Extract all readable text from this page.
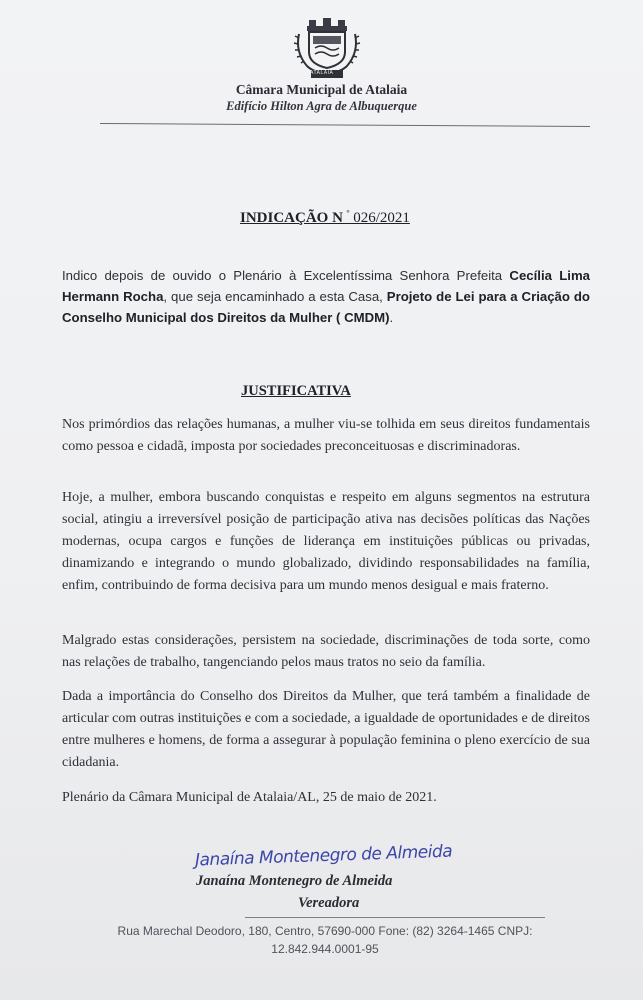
ATALAIA
Câmara Municipal de Atalaia
Edifício Hilton Agra de Albuquerque
INDICAÇÃO N $^º$ 026/2021
Indico depois de ouvido o Plenário à Excelentíssima Senhora Prefeita Cecília Lima Hermann Rocha, que seja encaminhado a esta Casa, Projeto de Lei para a Criação do Conselho Municipal dos Direitos da Mulher ( CMDM).
JUSTIFICATIVA
Nos primórdios das relações humanas, a mulher viu-se tolhida em seus direitos fundamentais como pessoa e cidadã, imposta por sociedades preconceituosas e discriminadoras.
Hoje, a mulher, embora buscando conquistas e respeito em alguns segmentos na estrutura social, atingiu a irreversível posição de participação ativa nas decisões políticas das Nações modernas, ocupa cargos e funções de liderança em instituições públicas ou privadas, dinamizando e integrando o mundo globalizado, dividindo responsabilidades na família, enfim, contribuindo de forma decisiva para um mundo menos desigual e mais fraterno.
Malgrado estas considerações, persistem na sociedade, discriminações de toda sorte, como nas relações de trabalho, tangenciando pelos maus tratos no seio da família.
Dada a importância do Conselho dos Direitos da Mulher, que terá também a finalidade de articular com outras instituições e com a sociedade, a igualdade de oportunidades e de direitos entre mulheres e homens, de forma a assegurar à população feminina o pleno exercício de sua cidadania.
Plenário da Câmara Municipal de Atalaia/AL, 25 de maio de 2021.
Janaína Montenegro de Almeida
Janaína Montenegro de Almeida
Vereadora
Rua Marechal Deodoro, 180, Centro, 57690-000 Fone: (82) 3264-1465 CNPJ:
12.842.944.0001-95
